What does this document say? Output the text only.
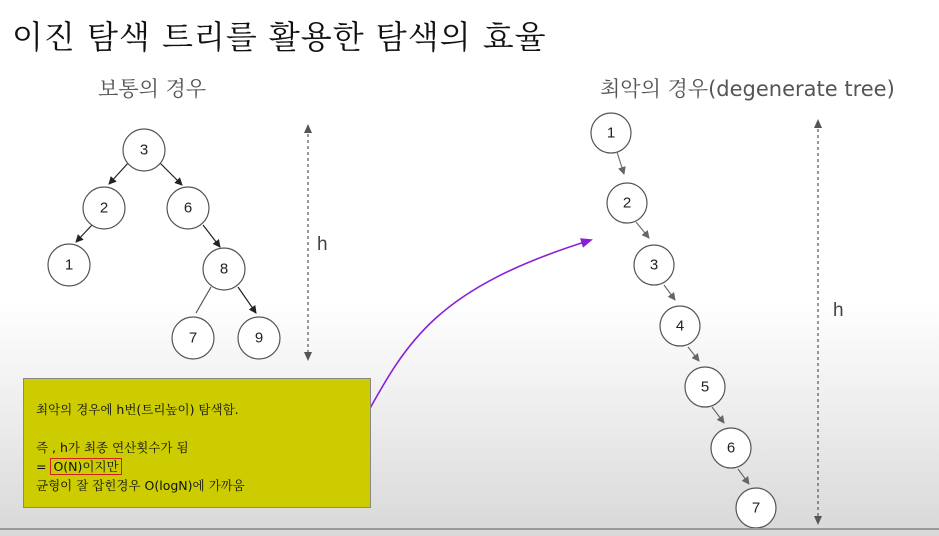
이진 탐색 트리를 활용한 탐색의 효율
보통의 경우	최악의 경우(degenerate tree)
3
2	6
1	8
7	9
1
2
3
4
5
6
7
h
h
최악의 경우에 h번(트리높이) 탐색함.

즉 , h가 최종 연산횟수가 됨
= O(N)이지만
균형이 잘 잡힌경우 O(logN)에 가까움
